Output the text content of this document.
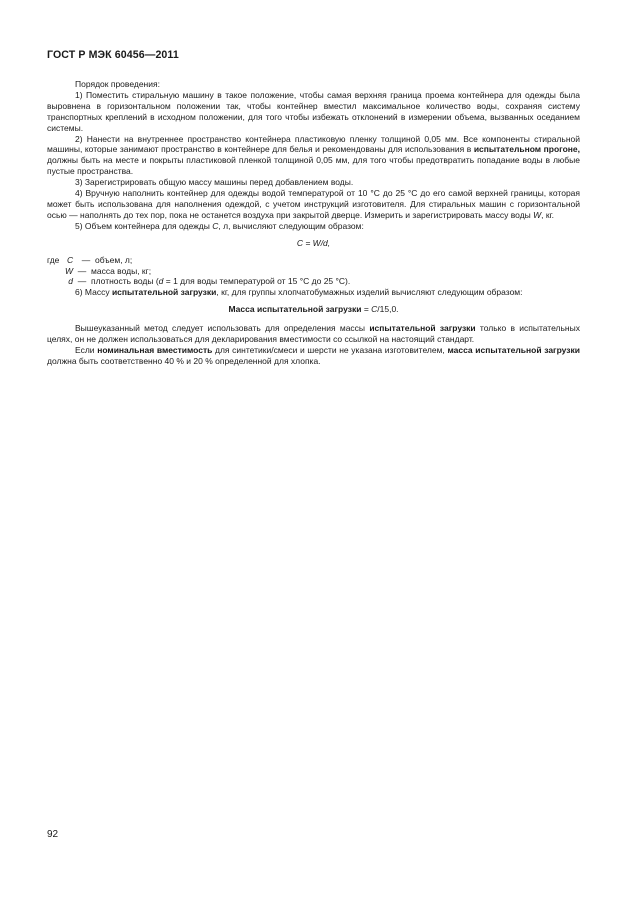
ГОСТ Р МЭК 60456—2011

Порядок проведения:

1) Поместить стиральную машину в такое положение, чтобы самая верхняя граница проема контейнера для одежды была выровнена в горизонтальном положении так, чтобы контейнер вместил максимальное количество воды, сохраняя систему транспортных креплений в исходном положении, для того чтобы избежать отклонений в измерении объема, вызванных оседанием системы.

2) Нанести на внутреннее пространство контейнера пластиковую пленку толщиной 0,05 мм. Все компоненты стиральной машины, которые занимают пространство в контейнере для белья и рекомендованы для использования в испытательном прогоне, должны быть на месте и покрыты пластиковой пленкой толщиной 0,05 мм, для того чтобы предотвратить попадание воды в любые пустые пространства.

3) Зарегистрировать общую массу машины перед добавлением воды.

4) Вручную наполнить контейнер для одежды водой температурой от 10 °С до 25 °С до его самой верхней границы, которая может быть использована для наполнения одеждой, с учетом инструкций изготовителя. Для стиральных машин с горизонтальной осью — наполнять до тех пор, пока не останется воздуха при закрытой дверце. Измерить и зарегистрировать массу воды W, кг.

5) Объем контейнера для одежды С, л, вычисляют следующим образом:

C = W/d,

где C	— объем, л;
W — масса воды, кг;
d — плотность воды (d = 1 для воды температурой от 15 °С до 25 °С).

6) Массу испытательной загрузки, кг, для группы хлопчатобумажных изделий вычисляют следующим образом:

Масса испытательной загрузки = C/15,0.

Вышеуказанный метод следует использовать для определения массы испытательной загрузки только в испытательных целях, он не должен использоваться для декларирования вместимости со ссылкой на настоящий стандарт.

Если номинальная вместимость для синтетики/смеси и шерсти не указана изготовителем, масса испытательной загрузки должна быть соответственно 40 % и 20 % определенной для хлопка.

92
